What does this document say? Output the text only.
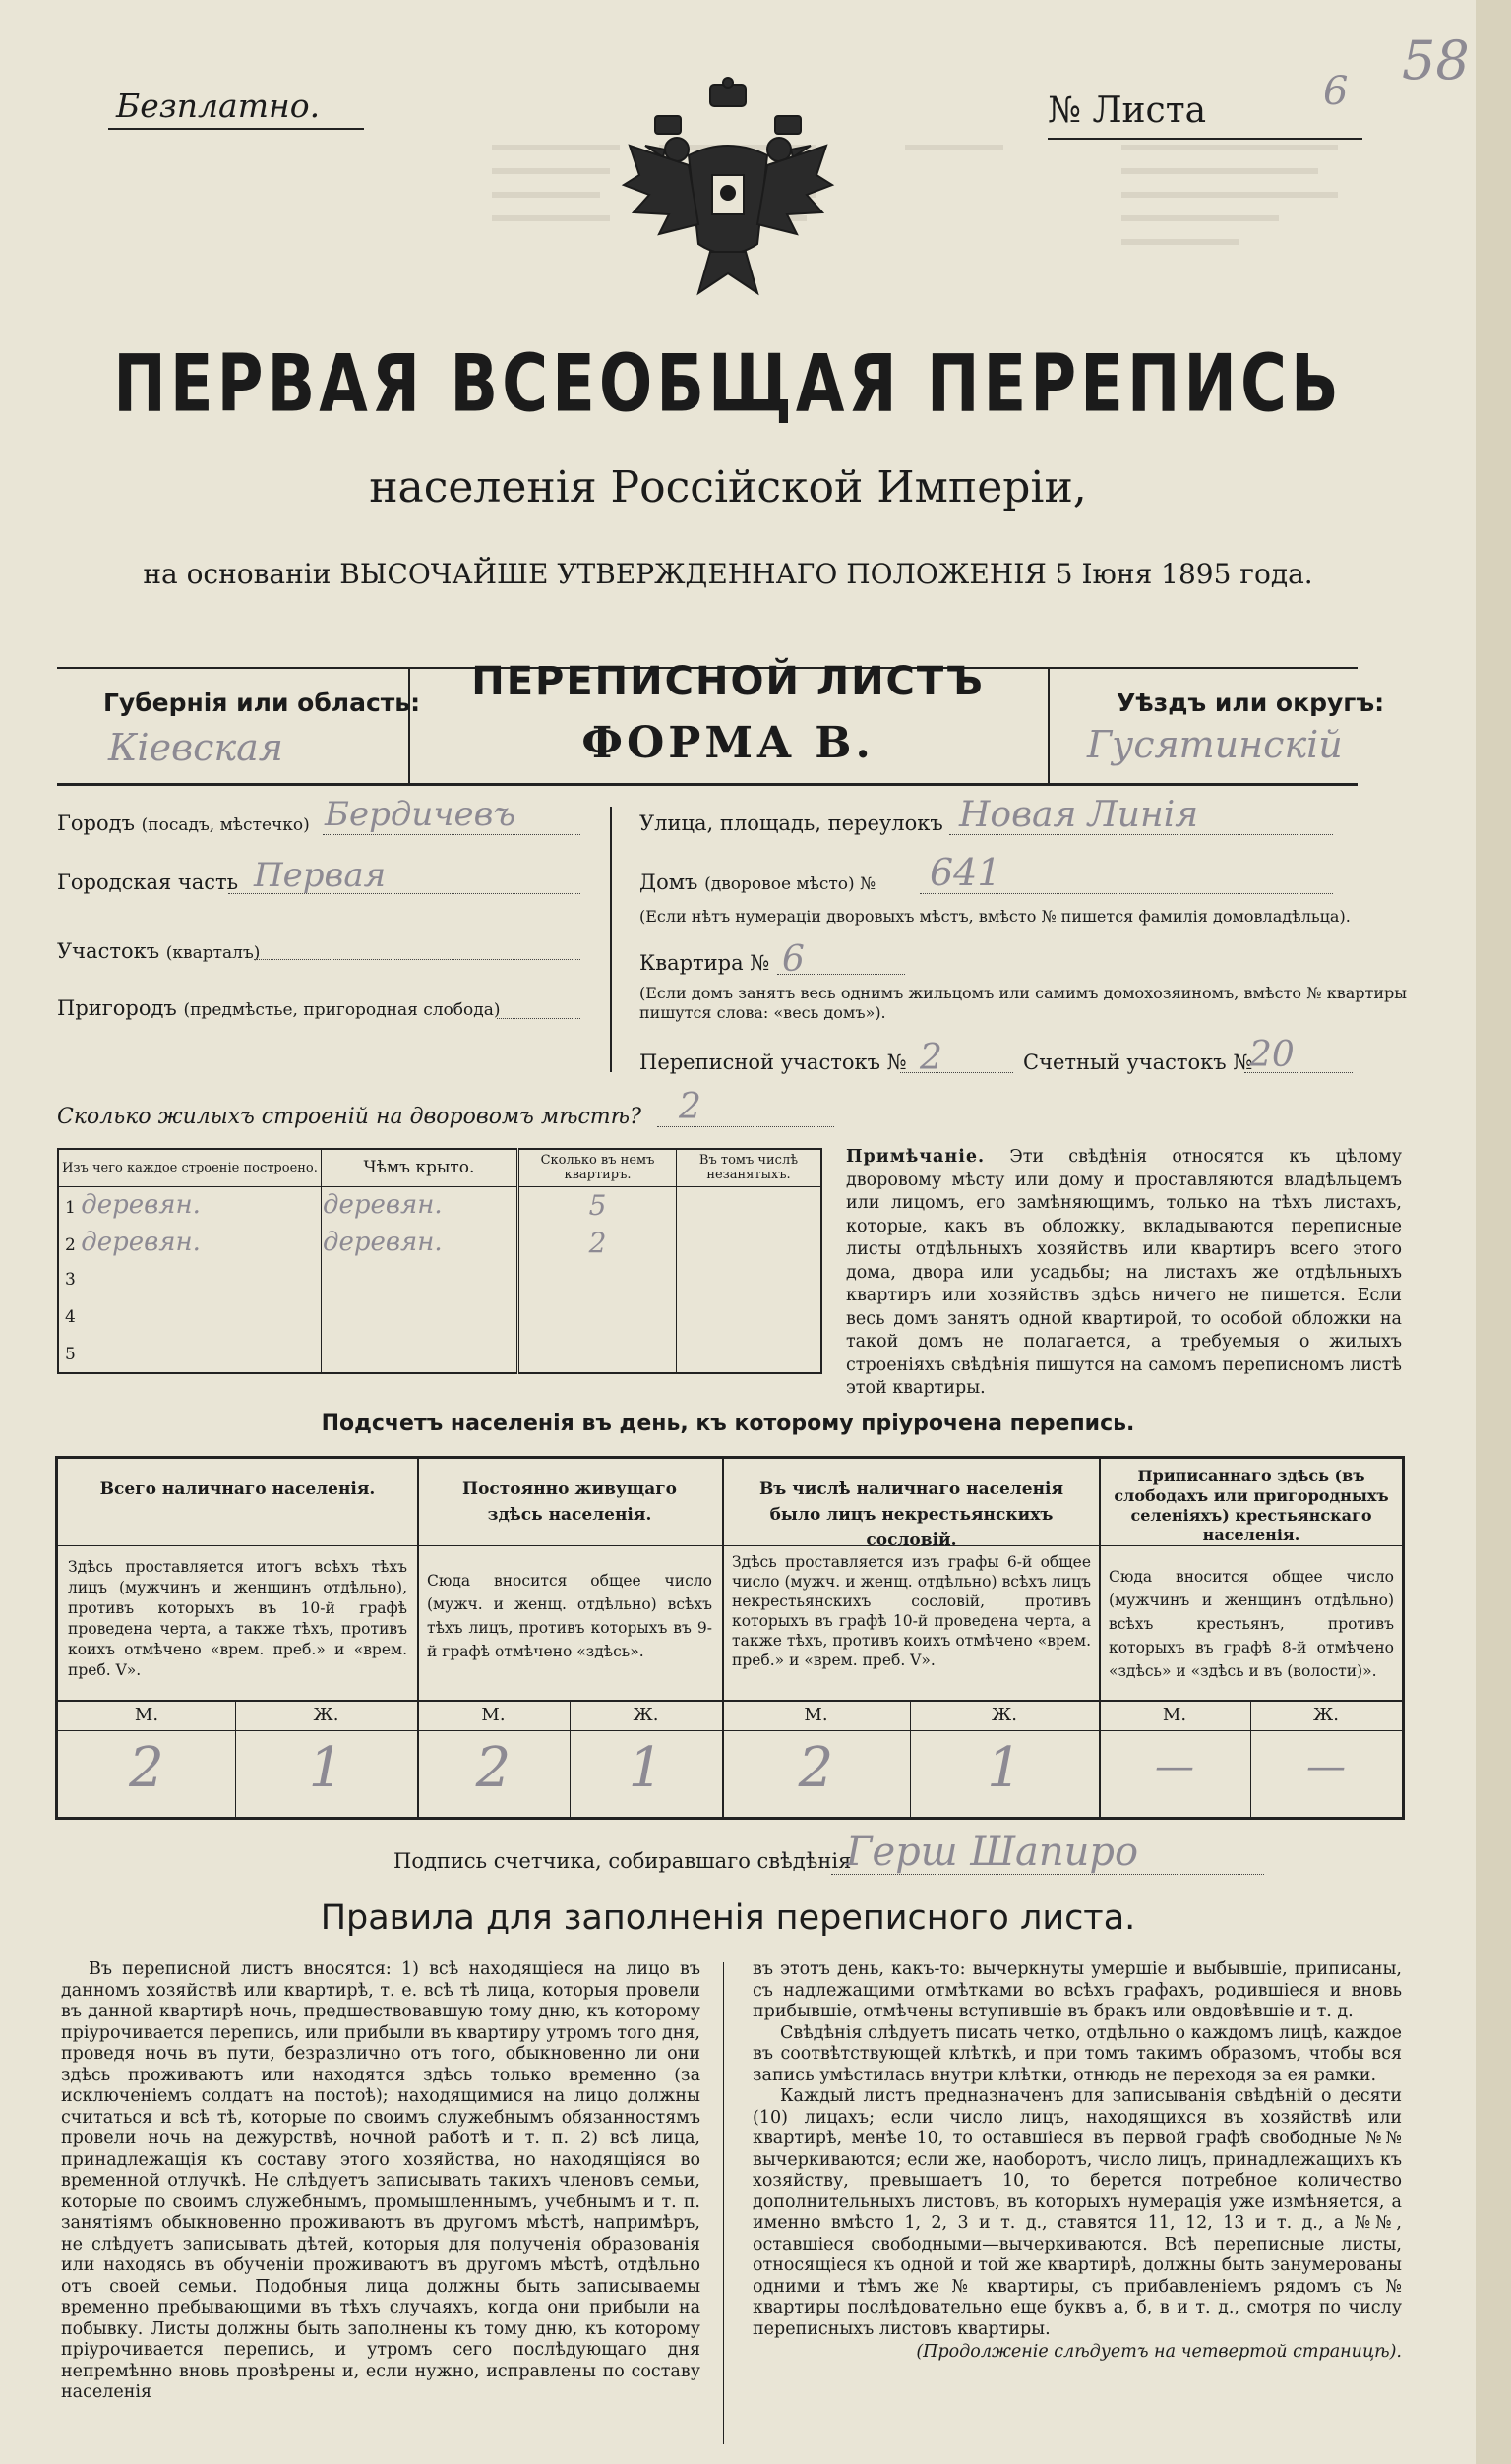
Безплатно.	№ Листа	6 58
ПЕРВАЯ ВСЕОБЩАЯ ПЕРЕПИСЬ
населенія Россійской Имперіи,
на основаніи ВЫСОЧАЙШЕ УТВЕРЖДЕННАГО ПОЛОЖЕНІЯ 5 Іюня 1895 года.
Губернія или область:
Кіевская
ПЕРЕПИСНОЙ ЛИСТЪ
ФОРМА В.
Уѣздъ или округъ:
Гусятинскій
Городъ (посадъ, мѣстечко) Бердичевъ
Городская часть Первая
Участокъ (кварталъ)
Пригородъ (предмѣстье, пригородная слобода)
Улица, площадь, переулокъ Новая Линія
Домъ (дворовое мѣсто) № 641
(Если нѣтъ нумераціи дворовыхъ мѣстъ, вмѣсто № пишется фамилія домовладѣльца).
Квартира № 6
(Если домъ занятъ весь однимъ жильцомъ или самимъ домохозяиномъ, вмѣсто № квартиры пишутся слова: «весь домъ»).
Переписной участокъ № 2	Счетный участокъ №
20
Сколько жилыхъ строеній на дворовомъ мѣстѣ? 2
Изъ чего каждое строеніе построено.	Чѣмъ крыто.	Сколько въ немъ квартиръ.	Въ томъ числѣ незанятыхъ.
1 деревян.	деревян.	5	
2 деревян.	деревян.	2	
3			
4			
5			
Примѣчаніе. Эти свѣдѣнія относятся къ цѣлому дворовому мѣсту или дому и проставляются владѣльцемъ или лицомъ, его замѣняющимъ, только на тѣхъ листахъ, которые, какъ въ обложку, вкладываются переписные листы отдѣльныхъ хозяйствъ или квартиръ всего этого дома, двора или усадьбы; на листахъ же отдѣльныхъ квартиръ или хозяйствъ здѣсь ничего не пишется. Если весь домъ занятъ одной квартирой, то особой обложки на такой домъ не полагается, а требуемыя о жилыхъ строеніяхъ свѣдѣнія пишутся на самомъ переписномъ листѣ этой квартиры.
Подсчетъ населенія въ день, къ которому пріурочена перепись.
Всего наличнаго населенія.
Здѣсь проставляется итогъ всѣхъ тѣхъ лицъ (мужчинъ и женщинъ отдѣльно), противъ которыхъ въ 10-й графѣ проведена черта, а также тѣхъ, противъ коихъ отмѣчено «врем. преб.» и «врем. преб. V».
М.	Ж.
2	1
Постоянно живущаго здѣсь населенія.
Сюда вносится общее число (мужч. и женщ. отдѣльно) всѣхъ тѣхъ лицъ, противъ которыхъ въ 9-й графѣ отмѣчено «здѣсь».
М.	Ж.
2	1
Въ числѣ наличнаго населенія было лицъ некрестьянскихъ сословій.
Здѣсь проставляется изъ графы 6-й общее число (мужч. и женщ. отдѣльно) всѣхъ лицъ некрестьянскихъ сословій, противъ которыхъ въ графѣ 10-й проведена черта, а также тѣхъ, противъ коихъ отмѣчено «врем. преб.» и «врем. преб. V».
М.	Ж.
2	1
Приписаннаго здѣсь (въ слободахъ или пригородныхъ селеніяхъ) крестьянскаго населенія.
Сюда вносится общее число (мужчинъ и женщинъ отдѣльно) всѣхъ крестьянъ, противъ которыхъ въ графѣ 8-й отмѣчено «здѣсь» и «здѣсь и въ (волости)».
М.	Ж.
—	—
Подпись счетчика, собиравшаго свѣдѣнія
Герш Шапиро
Правила для заполненія переписного листа.
Въ переписной листъ вносятся: 1) всѣ находящіеся на лицо въ данномъ хозяйствѣ или квартирѣ, т. е. всѣ тѣ лица, которыя провели въ данной квартирѣ ночь, предшествовавшую тому дню, къ которому пріурочивается перепись, или прибыли въ квартиру утромъ того дня, проведя ночь въ пути, безразлично отъ того, обыкновенно ли они здѣсь проживаютъ или находятся здѣсь только временно (за исключеніемъ солдатъ на постоѣ); находящимися на лицо должны считаться и всѣ тѣ, которые по своимъ служебнымъ обязанностямъ провели ночь на дежурствѣ, ночной работѣ и т. п. 2) всѣ лица, принадлежащія къ составу этого хозяйства, но находящіяся во временной отлучкѣ. Не слѣдуетъ записывать такихъ членовъ семьи, которые по своимъ служебнымъ, промышленнымъ, учебнымъ и т. п. занятіямъ обыкновенно проживаютъ въ другомъ мѣстѣ, напримѣръ, не слѣдуетъ записывать дѣтей, которыя для полученія образованія или находясь въ обученіи проживаютъ въ другомъ мѣстѣ, отдѣльно отъ своей семьи. Подобныя лица должны быть записываемы временно пребывающими въ тѣхъ случаяхъ, когда они прибыли на побывку. Листы должны быть заполнены къ тому дню, къ которому пріурочивается перепись, и утромъ сего послѣдующаго дня непремѣнно вновь провѣрены и, если нужно, исправлены по составу населенія
въ этотъ день, какъ-то: вычеркнуты умершіе и выбывшіе, приписаны, съ надлежащими отмѣтками во всѣхъ графахъ, родившіеся и вновь прибывшіе, отмѣчены вступившіе въ бракъ или овдовѣвшіе и т. д.
Свѣдѣнія слѣдуетъ писать четко, отдѣльно о каждомъ лицѣ, каждое въ соотвѣтствующей клѣткѣ, и при томъ такимъ образомъ, чтобы вся запись умѣстилась внутри клѣтки, отнюдь не переходя за ея рамки.
Каждый листъ предназначенъ для записыванія свѣдѣній о десяти (10) лицахъ; если число лицъ, находящихся въ хозяйствѣ или квартирѣ, менѣе 10, то оставшіеся въ первой графѣ свободные №№ вычеркиваются; если же, наоборотъ, число лицъ, принадлежащихъ къ хозяйству, превышаетъ 10, то берется потребное количество дополнительныхъ листовъ, въ которыхъ нумерація уже измѣняется, а именно вмѣсто 1, 2, 3 и т. д., ставятся 11, 12, 13 и т. д., а №№, оставшіеся свободными—вычеркиваются. Всѣ переписные листы, относящіеся къ одной и той же квартирѣ, должны быть занумерованы одними и тѣмъ же № квартиры, съ прибавленіемъ рядомъ съ № квартиры послѣдовательно еще буквъ а, б, в и т. д., смотря по числу переписныхъ листовъ квартиры.
(Продолженіе слѣдуетъ на четвертой страницѣ).
